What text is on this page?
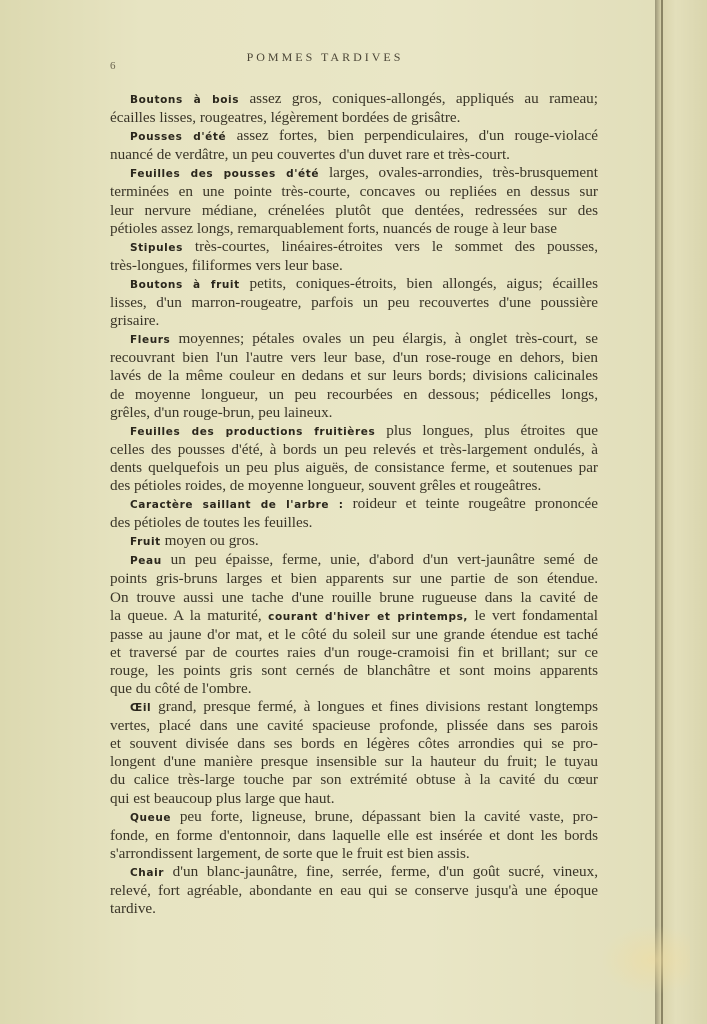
6
POMMES TARDIVES
Boutons à bois assez gros, coniques-allongés, appliqués au rameau;
écailles lisses, rougeatres, légèrement bordées de grisâtre.
Pousses d'été assez fortes, bien perpendiculaires, d'un rouge-violacé
nuancé de verdâtre, un peu couvertes d'un duvet rare et très-court.
Feuilles des pousses d'été larges, ovales-arrondies, très-brusquement
terminées en une pointe très-courte, concaves ou repliées en dessus sur
leur nervure médiane, crénelées plutôt que dentées, redressées sur des
pétioles assez longs, remarquablement forts, nuancés de rouge à leur base
Stipules très-courtes, linéaires-étroites vers le sommet des pousses,
très-longues, filiformes vers leur base.
Boutons à fruit petits, coniques-étroits, bien allongés, aigus; écailles
lisses, d'un marron-rougeatre, parfois un peu recouvertes d'une poussière
grisaire.
Fleurs moyennes; pétales ovales un peu élargis, à onglet très-court, se
recouvrant bien l'un l'autre vers leur base, d'un rose-rouge en dehors, bien
lavés de la même couleur en dedans et sur leurs bords; divisions calicinales
de moyenne longueur, un peu recourbées en dessous; pédicelles longs,
grêles, d'un rouge-brun, peu laineux.
Feuilles des productions fruitières plus longues, plus étroites que
celles des pousses d'été, à bords un peu relevés et très-largement ondulés, à
dents quelquefois un peu plus aiguës, de consistance ferme, et soutenues par
des pétioles roides, de moyenne longueur, souvent grêles et rougeâtres.
Caractère saillant de l'arbre : roideur et teinte rougeâtre prononcée
des pétioles de toutes les feuilles.
Fruit moyen ou gros.
Peau un peu épaisse, ferme, unie, d'abord d'un vert-jaunâtre semé de
points gris-bruns larges et bien apparents sur une partie de son étendue.
On trouve aussi une tache d'une rouille brune rugueuse dans la cavité de
la queue. A la maturité, courant d'hiver et printemps, le vert fondamental
passe au jaune d'or mat, et le côté du soleil sur une grande étendue est taché
et traversé par de courtes raies d'un rouge-cramoisi fin et brillant; sur ce
rouge, les points gris sont cernés de blanchâtre et sont moins apparents
que du côté de l'ombre.
Œil grand, presque fermé, à longues et fines divisions restant longtemps
vertes, placé dans une cavité spacieuse profonde, plissée dans ses parois
et souvent divisée dans ses bords en légères côtes arrondies qui se pro-
longent d'une manière presque insensible sur la hauteur du fruit; le tuyau
du calice très-large touche par son extrémité obtuse à la cavité du cœur
qui est beaucoup plus large que haut.
Queue peu forte, ligneuse, brune, dépassant bien la cavité vaste, pro-
fonde, en forme d'entonnoir, dans laquelle elle est insérée et dont les bords
s'arrondissent largement, de sorte que le fruit est bien assis.
Chair d'un blanc-jaunâtre, fine, serrée, ferme, d'un goût sucré, vineux,
relevé, fort agréable, abondante en eau qui se conserve jusqu'à une époque
tardive.
